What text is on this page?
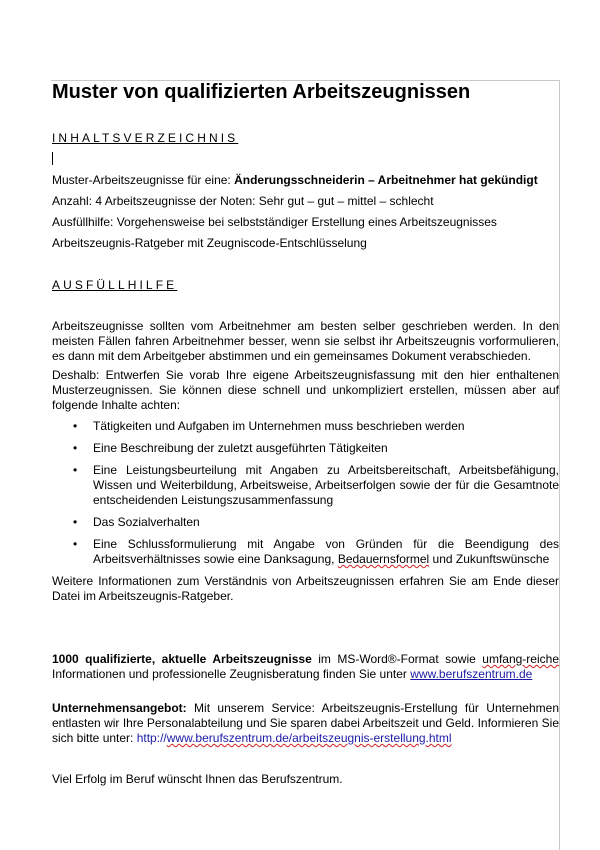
Muster von qualifizierten Arbeitszeugnissen
INHALTSVERZEICHNIS
Muster-Arbeitszeugnisse für eine: Änderungsschneiderin – Arbeitnehmer hat gekündigt
Anzahl: 4 Arbeitszeugnisse der Noten: Sehr gut – gut – mittel – schlecht
Ausfüllhilfe: Vorgehensweise bei selbstständiger Erstellung eines Arbeitszeugnisses
Arbeitszeugnis-Ratgeber mit Zeugniscode-Entschlüsselung
AUSFÜLLHILFE

Arbeitszeugnisse sollten vom Arbeitnehmer am besten selber geschrieben werden. In den meisten Fällen fahren Arbeitnehmer besser, wenn sie selbst ihr Arbeitszeugnis vorformulieren, es dann mit dem Arbeitgeber abstimmen und ein gemeinsames Dokument verabschieden.

Deshalb: Entwerfen Sie vorab Ihre eigene Arbeitszeugnisfassung mit den hier enthaltenen Musterzeugnissen. Sie können diese schnell und unkompliziert erstellen, müssen aber auf folgende Inhalte achten:

• Tätigkeiten und Aufgaben im Unternehmen muss beschrieben werden
• Eine Beschreibung der zuletzt ausgeführten Tätigkeiten
• Eine Leistungsbeurteilung mit Angaben zu Arbeitsbereitschaft, Arbeitsbefähigung, Wissen und Weiterbildung, Arbeitsweise, Arbeitserfolgen sowie der für die Gesamtnote entscheidenden Leistungszusammenfassung
• Das Sozialverhalten
• Eine Schlussformulierung mit Angabe von Gründen für die Beendigung des Arbeitsverhältnisses sowie eine Danksagung, Bedauernsformel und Zukunftswünsche

Weitere Informationen zum Verständnis von Arbeitszeugnissen erfahren Sie am Ende dieser Datei im Arbeitszeugnis-Ratgeber.

1000 qualifizierte, aktuelle Arbeitszeugnisse im MS-Word®-Format sowie umfang-reiche Informationen und professionelle Zeugnisberatung finden Sie unter www.berufszentrum.de
Unternehmensangebot: Mit unserem Service: Arbeitszeugnis-Erstellung für Unternehmen entlasten wir Ihre Personalabteilung und Sie sparen dabei Arbeitszeit und Geld. Informieren Sie sich bitte unter: http://www.berufszentrum.de/arbeitszeugnis-erstellung.html
Viel Erfolg im Beruf wünscht Ihnen das Berufszentrum.
